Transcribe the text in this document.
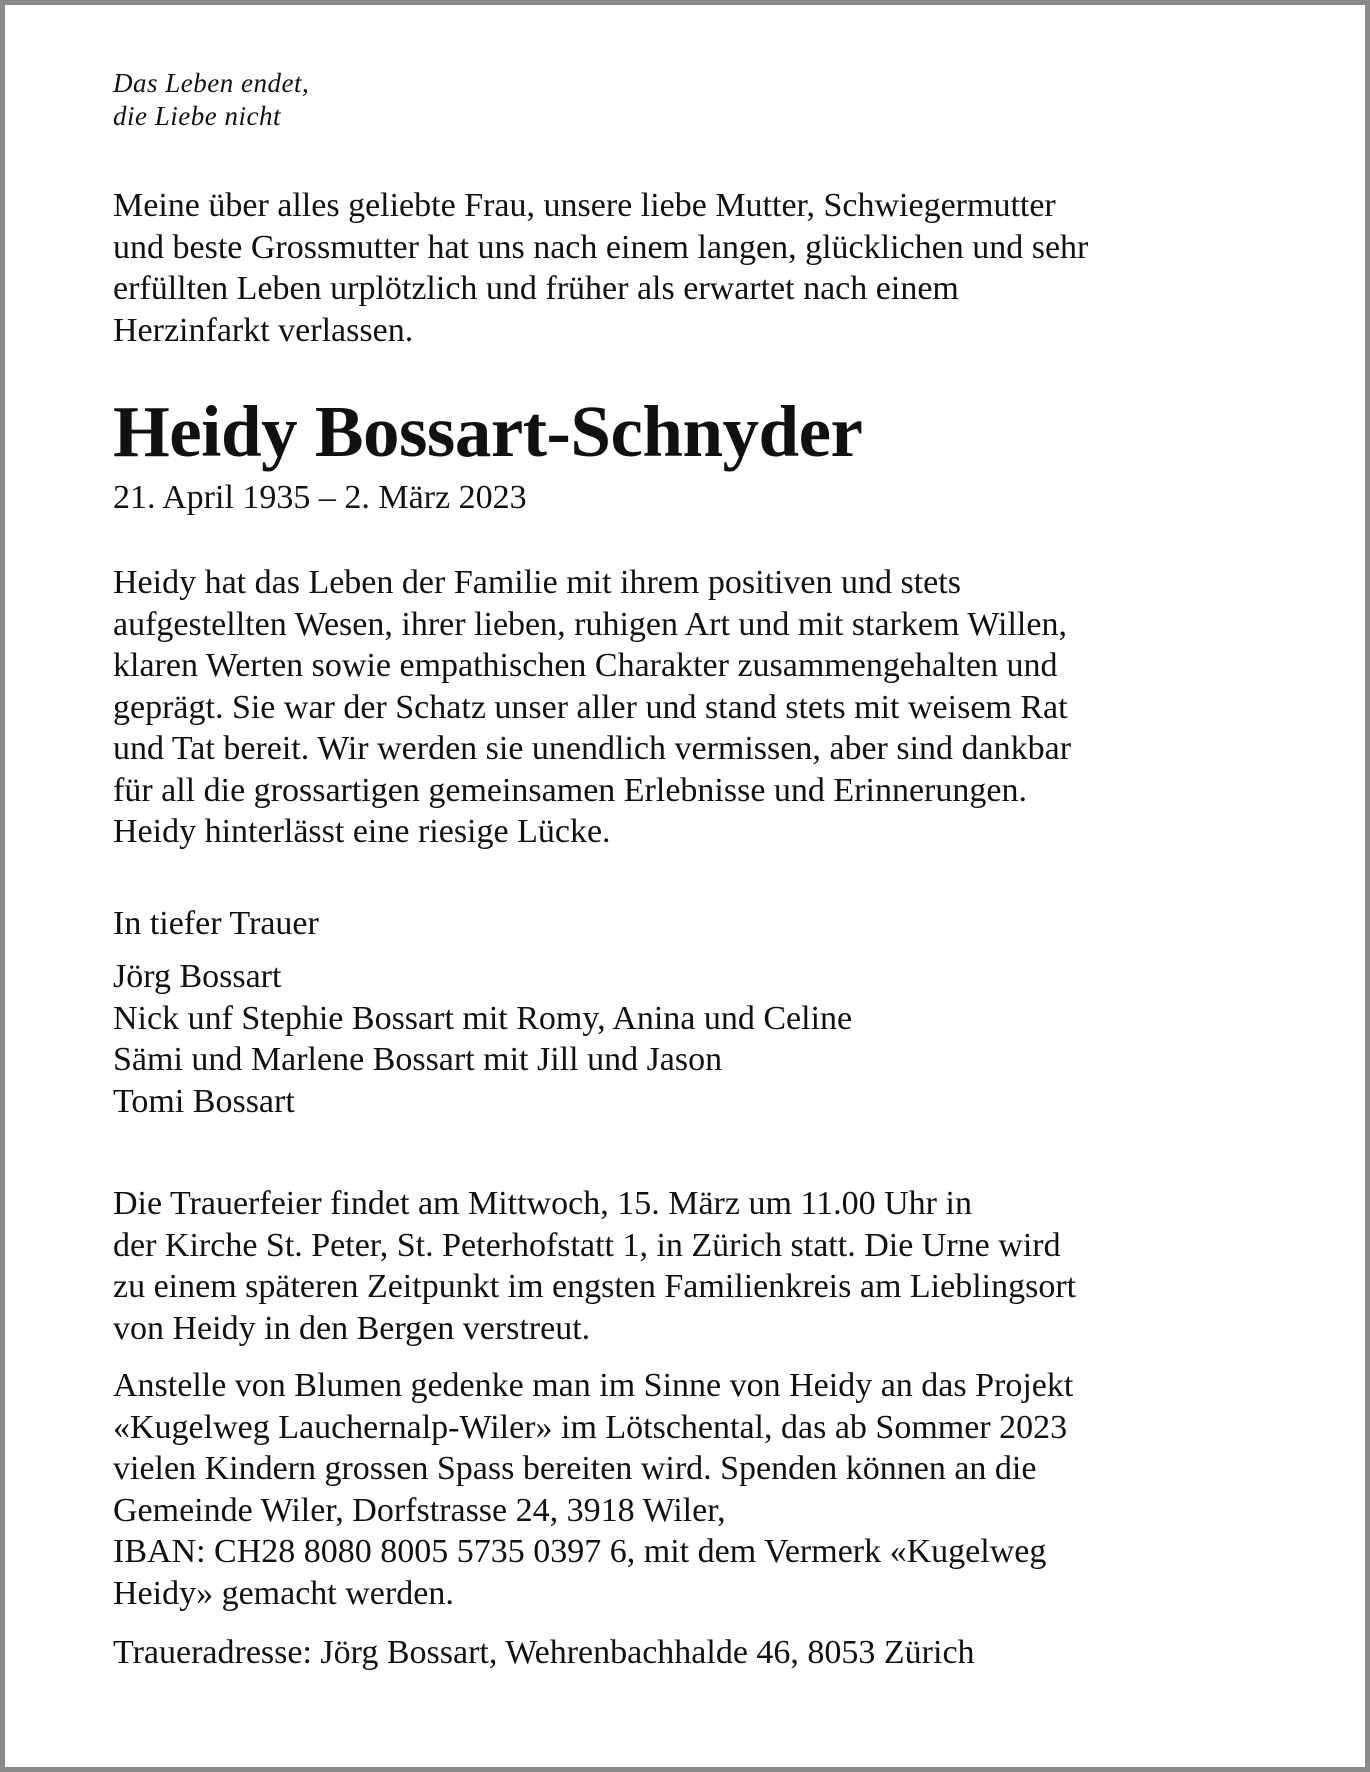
Das Leben endet,
die Liebe nicht

Meine über alles geliebte Frau, unsere liebe Mutter, Schwiegermutter
und beste Grossmutter hat uns nach einem langen, glücklichen und sehr
erfüllten Leben urplötzlich und früher als erwartet nach einem
Herzinfarkt verlassen.

Heidy Bossart-Schnyder
21. April 1935 – 2. März 2023

Heidy hat das Leben der Familie mit ihrem positiven und stets
aufgestellten Wesen, ihrer lieben, ruhigen Art und mit starkem Willen,
klaren Werten sowie empathischen Charakter zusammengehalten und
geprägt. Sie war der Schatz unser aller und stand stets mit weisem Rat
und Tat bereit. Wir werden sie unendlich vermissen, aber sind dankbar
für all die grossartigen gemeinsamen Erlebnisse und Erinnerungen.
Heidy hinterlässt eine riesige Lücke.

In tiefer Trauer

Jörg Bossart
Nick unf Stephie Bossart mit Romy, Anina und Celine
Sämi und Marlene Bossart mit Jill und Jason
Tomi Bossart

Die Trauerfeier findet am Mittwoch, 15. März um 11.00 Uhr in
der Kirche St. Peter, St. Peterhofstatt 1, in Zürich statt. Die Urne wird
zu einem späteren Zeitpunkt im engsten Familienkreis am Lieblingsort
von Heidy in den Bergen verstreut.

Anstelle von Blumen gedenke man im Sinne von Heidy an das Projekt
«Kugelweg Lauchernalp-Wiler» im Lötschental, das ab Sommer 2023
vielen Kindern grossen Spass bereiten wird. Spenden können an die
Gemeinde Wiler, Dorfstrasse 24, 3918 Wiler,
IBAN: CH28 8080 8005 5735 0397 6, mit dem Vermerk «Kugelweg
Heidy» gemacht werden.

Traueradresse: Jörg Bossart, Wehrenbachhalde 46, 8053 Zürich
